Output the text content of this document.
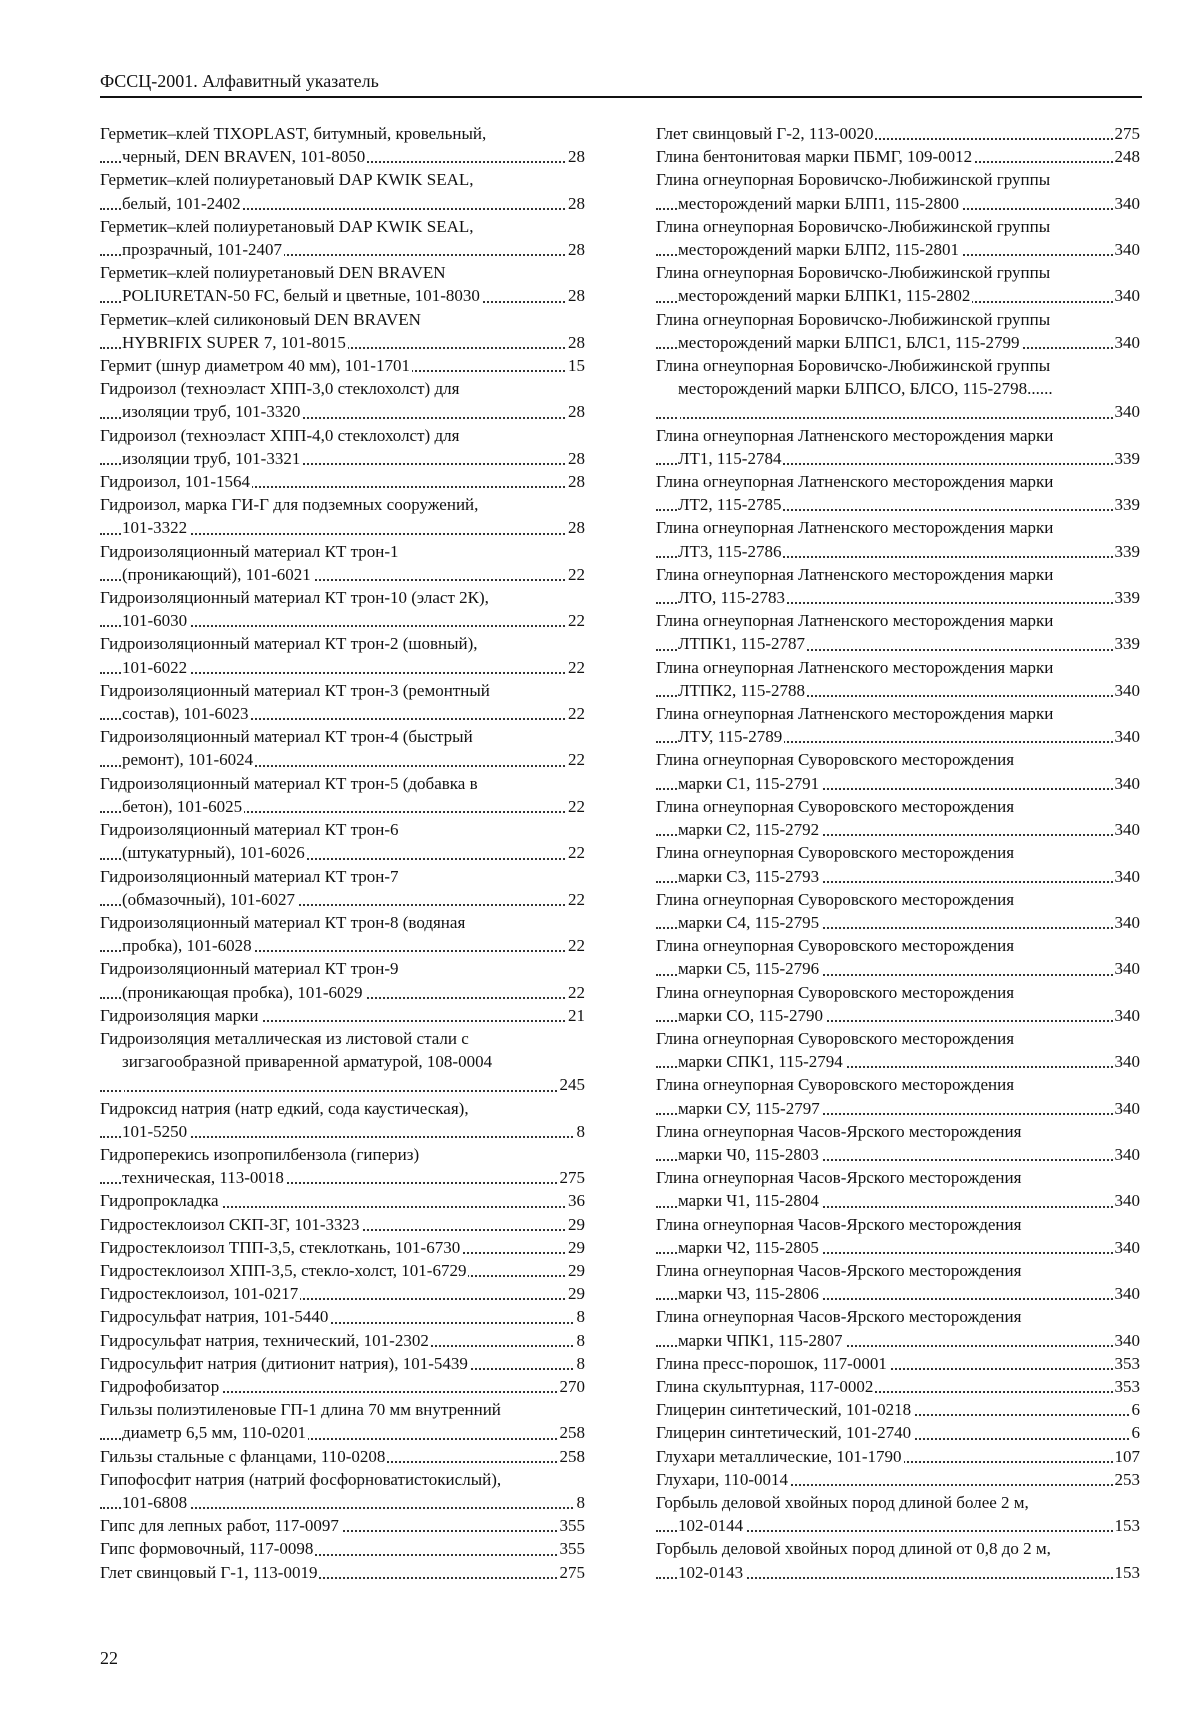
ФССЦ-2001. Алфавитный указатель
Герметик–клей TIXOPLAST, битумный, кровельный,
черный, DEN BRAVEN, 101-8050	28
Герметик–клей полиуретановый DAP KWIK SEAL,
белый, 101-2402	28
Герметик–клей полиуретановый DAP KWIK SEAL,
прозрачный, 101-2407	28
Герметик–клей полиуретановый DEN BRAVEN
POLIURETAN-50 FC, белый и цветные, 101-8030	28
Герметик–клей силиконовый DEN BRAVEN
HYBRIFIX SUPER 7, 101-8015	28
Гермит (шнур диаметром 40 мм), 101-1701	15
Гидроизол (техноэласт ХПП-3,0 стеклохолст) для
изоляции труб, 101-3320	28
Гидроизол (техноэласт ХПП-4,0 стеклохолст) для
изоляции труб, 101-3321	28
Гидроизол, 101-1564	28
Гидроизол, марка ГИ-Г для подземных сооружений,
101-3322	28
Гидроизоляционный материал КТ трон-1
(проникающий), 101-6021	22
Гидроизоляционный материал КТ трон-10 (эласт 2К),
101-6030	22
Гидроизоляционный материал КТ трон-2 (шовный),
101-6022	22
Гидроизоляционный материал КТ трон-3 (ремонтный
состав), 101-6023	22
Гидроизоляционный материал КТ трон-4 (быстрый
ремонт), 101-6024	22
Гидроизоляционный материал КТ трон-5 (добавка в
бетон), 101-6025	22
Гидроизоляционный материал КТ трон-6
(штукатурный), 101-6026	22
Гидроизоляционный материал КТ трон-7
(обмазочный), 101-6027	22
Гидроизоляционный материал КТ трон-8 (водяная
пробка), 101-6028	22
Гидроизоляционный материал КТ трон-9
(проникающая пробка), 101-6029	22
Гидроизоляция марки	21
Гидроизоляция металлическая из листовой стали с
зигзагообразной приваренной арматурой, 108-0004
245
Гидроксид натрия (натр едкий, сода каустическая),
101-5250	8
Гидроперекись изопропилбензола (гипериз)
техническая, 113-0018	275
Гидропрокладка	36
Гидростеклоизол СКП-3Г, 101-3323	29
Гидростеклоизол ТПП-3,5, стеклоткань, 101-6730	29
Гидростеклоизол ХПП-3,5, стекло-холст, 101-6729	29
Гидростеклоизол, 101-0217	29
Гидросульфат натрия, 101-5440	8
Гидросульфат натрия, технический, 101-2302	8
Гидросульфит натрия (дитионит натрия), 101-5439	8
Гидрофобизатор	270
Гильзы полиэтиленовые ГП-1 длина 70 мм внутренний
диаметр 6,5 мм, 110-0201	258
Гильзы стальные с фланцами, 110-0208	258
Гипофосфит натрия (натрий фосфорноватистокислый),
101-6808	8
Гипс для лепных работ, 117-0097	355
Гипс формовочный, 117-0098	355
Глет свинцовый Г-1, 113-0019	275
Глет свинцовый Г-2, 113-0020	275
Глина бентонитовая марки ПБМГ, 109-0012	248
Глина огнеупорная Боровичско-Любижинской группы
месторождений марки БЛП1, 115-2800	340
Глина огнеупорная Боровичско-Любижинской группы
месторождений марки БЛП2, 115-2801	340
Глина огнеупорная Боровичско-Любижинской группы
месторождений марки БЛПК1, 115-2802	340
Глина огнеупорная Боровичско-Любижинской группы
месторождений марки БЛПС1, БЛС1, 115-2799	340
Глина огнеупорная Боровичско-Любижинской группы
месторождений марки БЛПСО, БЛСО, 115-2798......
340
Глина огнеупорная Латненского месторождения марки
ЛТ1, 115-2784	339
Глина огнеупорная Латненского месторождения марки
ЛТ2, 115-2785	339
Глина огнеупорная Латненского месторождения марки
ЛТ3, 115-2786	339
Глина огнеупорная Латненского месторождения марки
ЛТО, 115-2783	339
Глина огнеупорная Латненского месторождения марки
ЛТПК1, 115-2787	339
Глина огнеупорная Латненского месторождения марки
ЛТПК2, 115-2788	340
Глина огнеупорная Латненского месторождения марки
ЛТУ, 115-2789	340
Глина огнеупорная Суворовского месторождения
марки С1, 115-2791	340
Глина огнеупорная Суворовского месторождения
марки С2, 115-2792	340
Глина огнеупорная Суворовского месторождения
марки С3, 115-2793	340
Глина огнеупорная Суворовского месторождения
марки С4, 115-2795	340
Глина огнеупорная Суворовского месторождения
марки С5, 115-2796	340
Глина огнеупорная Суворовского месторождения
марки СО, 115-2790	340
Глина огнеупорная Суворовского месторождения
марки СПК1, 115-2794	340
Глина огнеупорная Суворовского месторождения
марки СУ, 115-2797	340
Глина огнеупорная Часов-Ярского месторождения
марки Ч0, 115-2803	340
Глина огнеупорная Часов-Ярского месторождения
марки Ч1, 115-2804	340
Глина огнеупорная Часов-Ярского месторождения
марки Ч2, 115-2805	340
Глина огнеупорная Часов-Ярского месторождения
марки Ч3, 115-2806	340
Глина огнеупорная Часов-Ярского месторождения
марки ЧПК1, 115-2807	340
Глина пресс-порошок, 117-0001	353
Глина скульптурная, 117-0002	353
Глицерин синтетический, 101-0218	6
Глицерин синтетический, 101-2740	6
Глухари металлические, 101-1790	107
Глухари, 110-0014	253
Горбыль деловой хвойных пород длиной более 2 м,
102-0144	153
Горбыль деловой хвойных пород длиной от 0,8 до 2 м,
102-0143	153
22
